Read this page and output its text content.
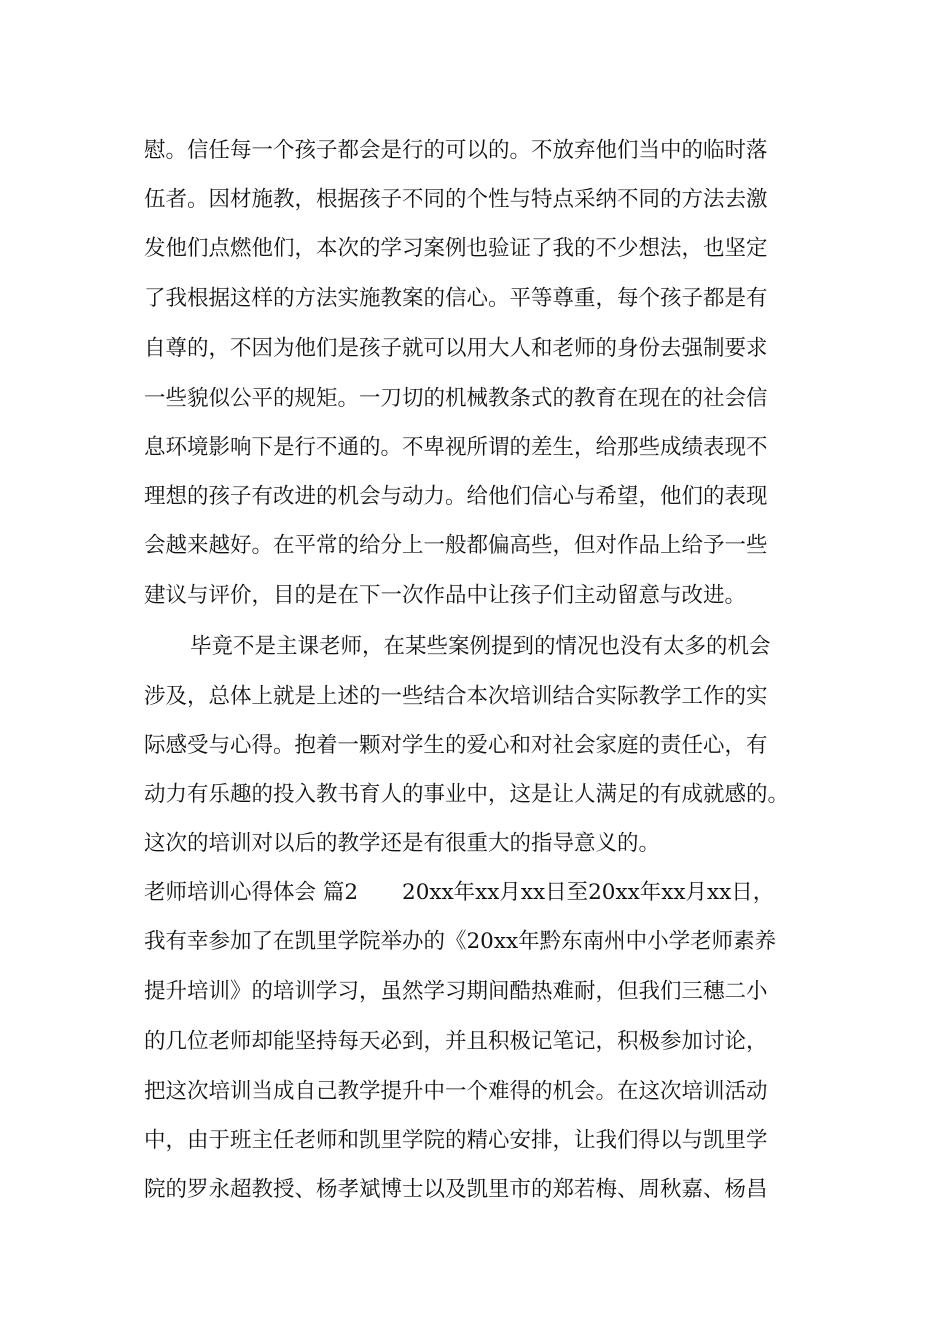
慰。信任每一个孩子都会是行的可以的。不放弃他们当中的临时落
伍者。因材施教，根据孩子不同的个性与特点采纳不同的方法去激
发他们点燃他们，本次的学习案例也验证了我的不少想法，也坚定
了我根据这样的方法实施教案的信心。平等尊重，每个孩子都是有
自尊的，不因为他们是孩子就可以用大人和老师的身份去强制要求
一些貌似公平的规矩。一刀切的机械教条式的教育在现在的社会信
息环境影响下是行不通的。不卑视所谓的差生，给那些成绩表现不
理想的孩子有改进的机会与动力。给他们信心与希望，他们的表现
会越来越好。在平常的给分上一般都偏高些，但对作品上给予一些
建议与评价，目的是在下一次作品中让孩子们主动留意与改进。
毕竟不是主课老师，在某些案例提到的情况也没有太多的机会
涉及，总体上就是上述的一些结合本次培训结合实际教学工作的实
际感受与心得。抱着一颗对学生的爱心和对社会家庭的责任心，有
动力有乐趣的投入教书育人的事业中，这是让人满足的有成就感的。
这次的培训对以后的教学还是有很重大的指导意义的。
老师培训心得体会 篇2 20xx年xx月xx日至20xx年xx月xx日，
我有幸参加了在凯里学院举办的《20xx年黔东南州中小学老师素养
提升培训》的培训学习，虽然学习期间酷热难耐，但我们三穗二小
的几位老师却能坚持每天必到，并且积极记笔记，积极参加讨论，
把这次培训当成自己教学提升中一个难得的机会。在这次培训活动
中，由于班主任老师和凯里学院的精心安排，让我们得以与凯里学
院的罗永超教授、杨孝斌博士以及凯里市的郑若梅、周秋嘉、杨昌
